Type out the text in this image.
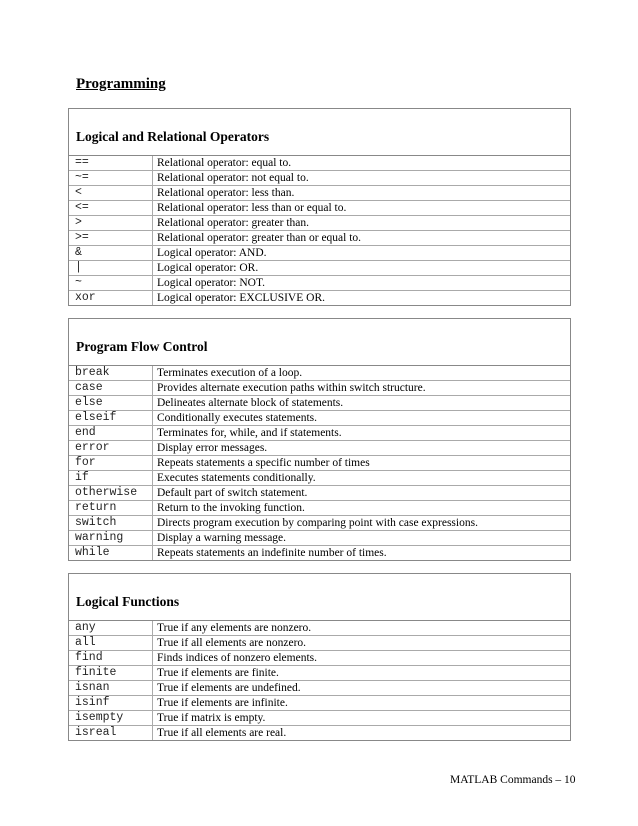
Programming
Logical and Relational Operators
==	Relational operator: equal to.
~=	Relational operator: not equal to.
<	Relational operator: less than.
<=	Relational operator: less than or equal to.
>	Relational operator: greater than.
>=	Relational operator: greater than or equal to.
&	Logical operator: AND.
|	Logical operator: OR.
~	Logical operator: NOT.
xor	Logical operator: EXCLUSIVE OR.
Program Flow Control
break	Terminates execution of a loop.
case	Provides alternate execution paths within switch structure.
else	Delineates alternate block of statements.
elseif	Conditionally executes statements.
end	Terminates for, while, and if statements.
error	Display error messages.
for	Repeats statements a specific number of times
if	Executes statements conditionally.
otherwise	Default part of switch statement.
return	Return to the invoking function.
switch	Directs program execution by comparing point with case expressions.
warning	Display a warning message.
while	Repeats statements an indefinite number of times.
Logical Functions
any	True if any elements are nonzero.
all	True if all elements are nonzero.
find	Finds indices of nonzero elements.
finite	True if elements are finite.
isnan	True if elements are undefined.
isinf	True if elements are infinite.
isempty	True if matrix is empty.
isreal	True if all elements are real.
MATLAB Commands – 10
